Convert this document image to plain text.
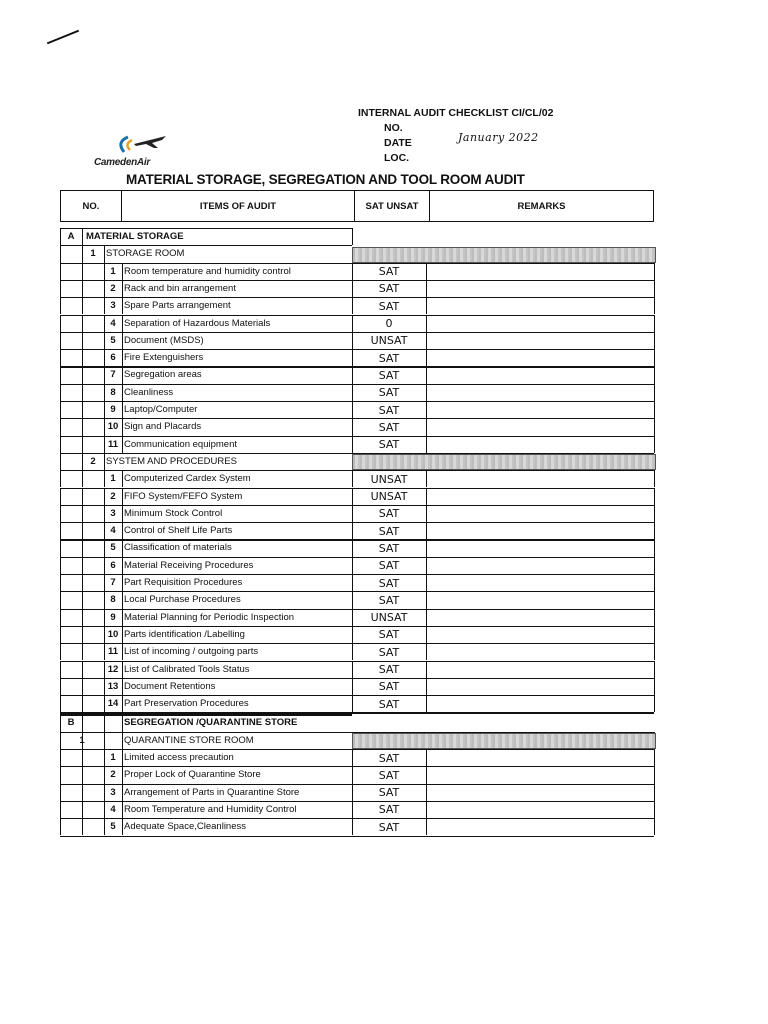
INTERNAL AUDIT CHECKLIST CI/CL/02
NO.
DATE	January 2022
LOC.
CamedenAir
MATERIAL STORAGE, SEGREGATION AND TOOL ROOM AUDIT
NO.	ITEMS OF AUDIT	SAT UNSAT	REMARKS
A	MATERIAL STORAGE
1	STORAGE ROOM
1 Room temperature and humidity control	SAT
2 Rack and bin arrangement	SAT
3 Spare Parts arrangement	SAT
4 Separation of Hazardous Materials	0
5 Document (MSDS)	UNSAT
6 Fire Extenguishers	SAT
7 Segregation areas	SAT
8 Cleanliness	SAT
9 Laptop/Computer	SAT
10 Sign and Placards	SAT
11 Communication equipment	SAT
2	SYSTEM AND PROCEDURES
1 Computerized Cardex System	UNSAT
2 FIFO System/FEFO System	UNSAT
3 Minimum Stock Control	SAT
4 Control of Shelf Life Parts	SAT
5 Classification of materials	SAT
6 Material Receiving Procedures	SAT
7 Part Requisition Procedures	SAT
8 Local Purchase Procedures	SAT
9 Material Planning for Periodic Inspection	UNSAT
10 Parts identification /Labelling	SAT
11 List of incoming / outgoing parts	SAT
12 List of Calibrated Tools Status	SAT
13 Document Retentions	SAT
14 Part Preservation Procedures	SAT
B	SEGREGATION /QUARANTINE STORE
1	QUARANTINE STORE ROOM
1 Limited access precaution	SAT
2 Proper Lock of Quarantine Store	SAT
3 Arrangement of Parts in Quarantine Store	SAT
4 Room Temperature and Humidity Control	SAT
5 Adequate Space,Cleanliness	SAT
